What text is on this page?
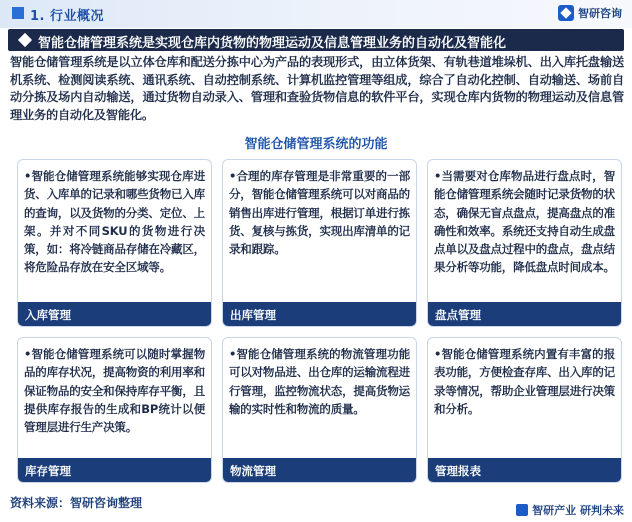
1. 行业概况	智研咨询
智能仓储管理系统是实现仓库内货物的物理运动及信息管理业务的自动化及智能化
智能仓储管理系统是以立体仓库和配送分拣中心为产品的表现形式，由立体货架、有轨巷道堆垛机、出入库托盘输送机系统、检测阅读系统、通讯系统、自动控制系统、计算机监控管理等组成，综合了自动化控制、自动输送、场前自动分拣及场内自动输送，通过货物自动录入、管理和查验货物信息的软件平台，实现仓库内货物的物理运动及信息管理业务的自动化及智能化。
智能仓储管理系统的功能
•智能仓储管理系统能够实现仓库进货、入库单的记录和哪些货物已入库的查询，以及货物的分类、定位、上架。并对不同SKU的货物进行决策，如：将冷链商品存储在冷藏区，将危险品存放在安全区域等。
入库管理
•合理的库存管理是非常重要的一部分，智能仓储管理系统可以对商品的销售出库进行管理，根据订单进行拣货、复核与拣货，实现出库清单的记录和跟踪。
出库管理
•当需要对仓库物品进行盘点时，智能仓储管理系统会随时记录货物的状态，确保无盲点盘点，提高盘点的准确性和效率。系统还支持自动生成盘点单以及盘点过程中的盘点，盘点结果分析等功能，降低盘点时间成本。
盘点管理
•智能仓储管理系统可以随时掌握物品的库存状况，提高物资的利用率和保证物品的安全和保持库存平衡，且提供库存报告的生成和BP统计以便管理层进行生产决策。
库存管理
•智能仓储管理系统的物流管理功能可以对物品进、出仓库的运输流程进行管理，监控物流状态，提高货物运输的实时性和物流的质量。
物流管理
•智能仓储管理系统内置有丰富的报表功能，方便检查存库、出入库的记录等情况，帮助企业管理层进行决策和分析。
管理报表
资料来源：智研咨询整理
智研产业 研判未来
